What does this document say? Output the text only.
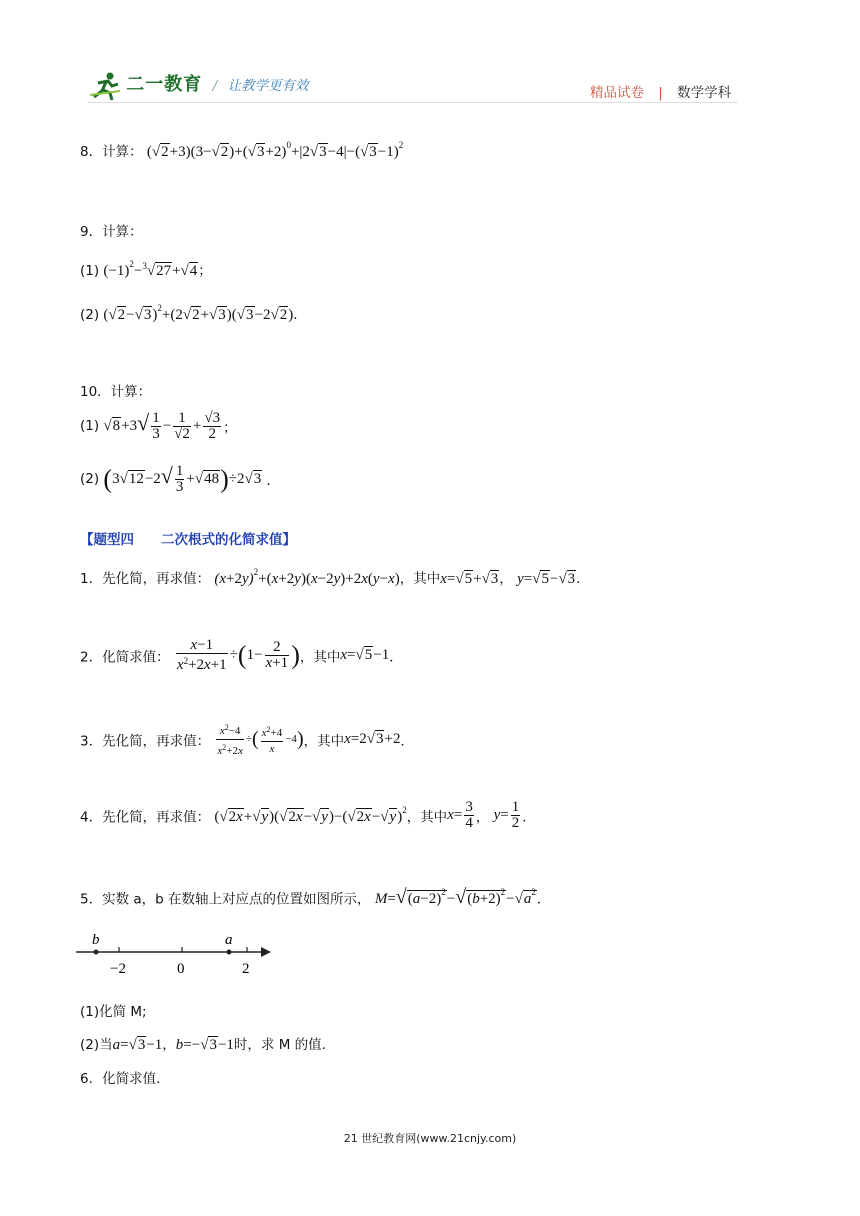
二一教育 / 让教学更有效	精品试卷 | 数学学科
8．计算： $(√2+3)(3-√2)+(√3+2)^0+|2√3-4|-(√3-1)^2$
9．计算：
(1) $(-1)^2-^3√27+√4$；
(2) $(√2-√3)^2+(2√2+√3)(√3-2√2)$．
10．计算：
(1) $√8+3√ \frac{1}{3} - \frac{1}{√2} + \frac{√3}{2}$ ；
(2) $(3√12-2√ \frac{1}{3} +√48)\div 2√3$ ．
【题型四　　二次根式的化简求值】
1．先化简，再求值： $(x+2y)^2+(x+2y)(x-2y)+2x(y-x)$，其中x=√5+√3， y=√5−√3．
2．化简求值： $\frac{x-1}{x^2+2x+1} \div(1- \frac{2}{x+1}$ )，其中x=√5−1．
3．先化简，再求值： $\frac{x^2-4}{x^2+2x}$ ÷( $\frac{x^2+4}{x} -4$)，其中x=2√3+2．
4．先化简，再求值： $(√2x+√y)(√2x-√y)-(√2x-√y)^2$，其中$x= \frac{3}{4}$ ， $y= \frac{1}{2}$ ．
5．实数 a，b 在数轴上对应点的位置如图所示， $M=√(a-2)^2-√(b+2)^2-√a^2$．
b
−2	0
a
2
(1)化简 M;
(2)当a=√3−1，b=−√3−1时，求 M 的值.
6．化简求值.
21 世纪教育网(www.21cnjy.com)
